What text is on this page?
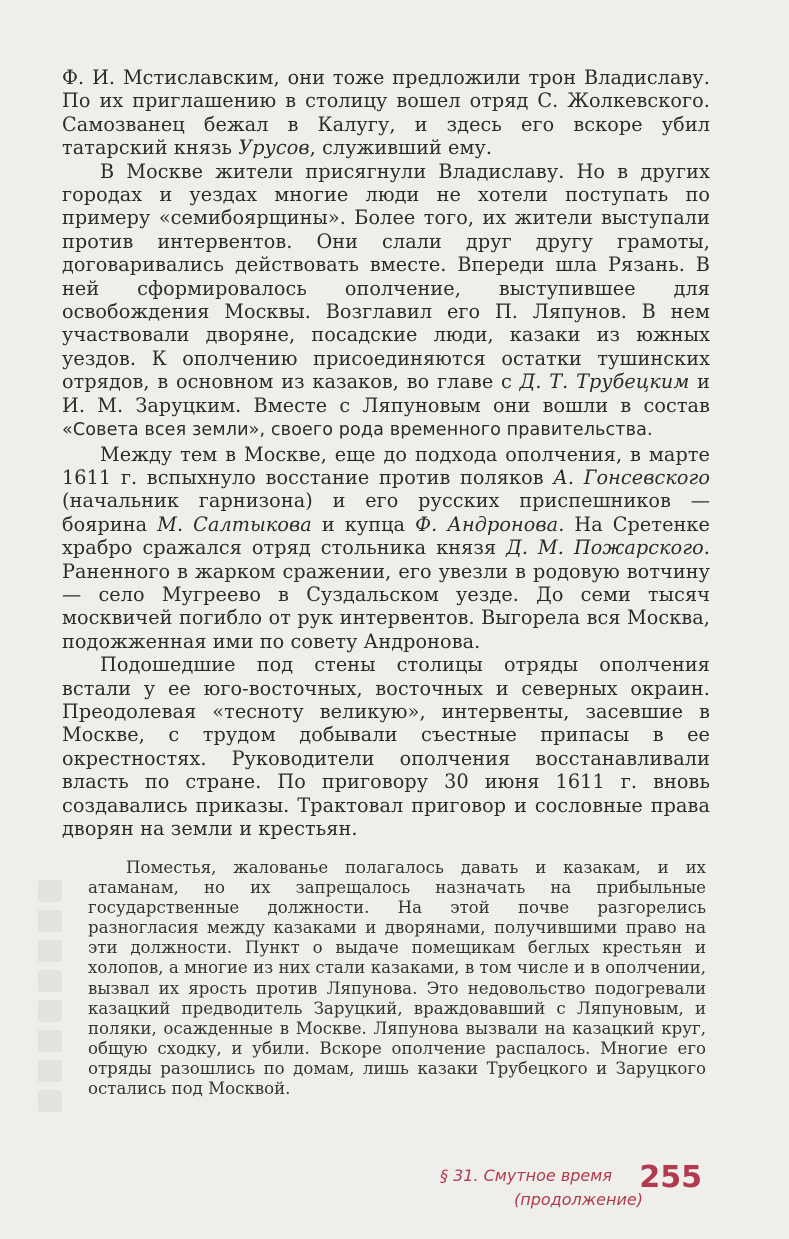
Ф. И. Мстиславским, они тоже предложили трон Владиславу. По их приглашению в столицу вошел отряд С. Жолкевского. Самозванец бежал в Калугу, и здесь его вскоре убил татарский князь Урусов, служивший ему.

В Москве жители присягнули Владиславу. Но в других городах и уездах многие люди не хотели поступать по примеру «семибоярщины». Более того, их жители выступали против интервентов. Они слали друг другу грамоты, договаривались действовать вместе. Впереди шла Рязань. В ней сформировалось ополчение, выступившее для освобождения Москвы. Возглавил его П. Ляпунов. В нем участвовали дворяне, посадские люди, казаки из южных уездов. К ополчению присоединяются остатки тушинских отрядов, в основном из казаков, во главе с Д. Т. Трубецким и И. М. Заруцким. Вместе с Ляпуновым они вошли в состав «Совета всея земли», своего рода временного правительства.

Между тем в Москве, еще до подхода ополчения, в марте 1611 г. вспыхнуло восстание против поляков А. Гонсевского (начальник гарнизона) и его русских приспешников — боярина М. Салтыкова и купца Ф. Андронова. На Сретенке храбро сражался отряд стольника князя Д. М. Пожарского. Раненного в жарком сражении, его увезли в родовую вотчину — село Мугреево в Суздальском уезде. До семи тысяч москвичей погибло от рук интервентов. Выгорела вся Москва, подожженная ими по совету Андронова.

Подошедшие под стены столицы отряды ополчения встали у ее юго-восточных, восточных и северных окраин. Преодолевая «тесноту великую», интервенты, засевшие в Москве, с трудом добывали съестные припасы в ее окрестностях. Руководители ополчения восстанавливали власть по стране. По приговору 30 июня 1611 г. вновь создавались приказы. Трактовал приговор и сословные права дворян на земли и крестьян.

Поместья, жалованье полагалось давать и казакам, и их атаманам, но их запрещалось назначать на прибыльные государственные должности. На этой почве разгорелись разногласия между казаками и дворянами, получившими право на эти должности. Пункт о выдаче помещикам беглых крестьян и холопов, а многие из них стали казаками, в том числе и в ополчении, вызвал их ярость против Ляпунова. Это недовольство подогревали казацкий предводитель Заруцкий, враждовавший с Ляпуновым, и поляки, осажденные в Москве. Ляпунова вызвали на казацкий круг, общую сходку, и убили. Вскоре ополчение распалось. Многие его отряды разошлись по домам, лишь казаки Трубецкого и Заруцкого остались под Москвой.

§ 31. Смутное время 255
(продолжение)
